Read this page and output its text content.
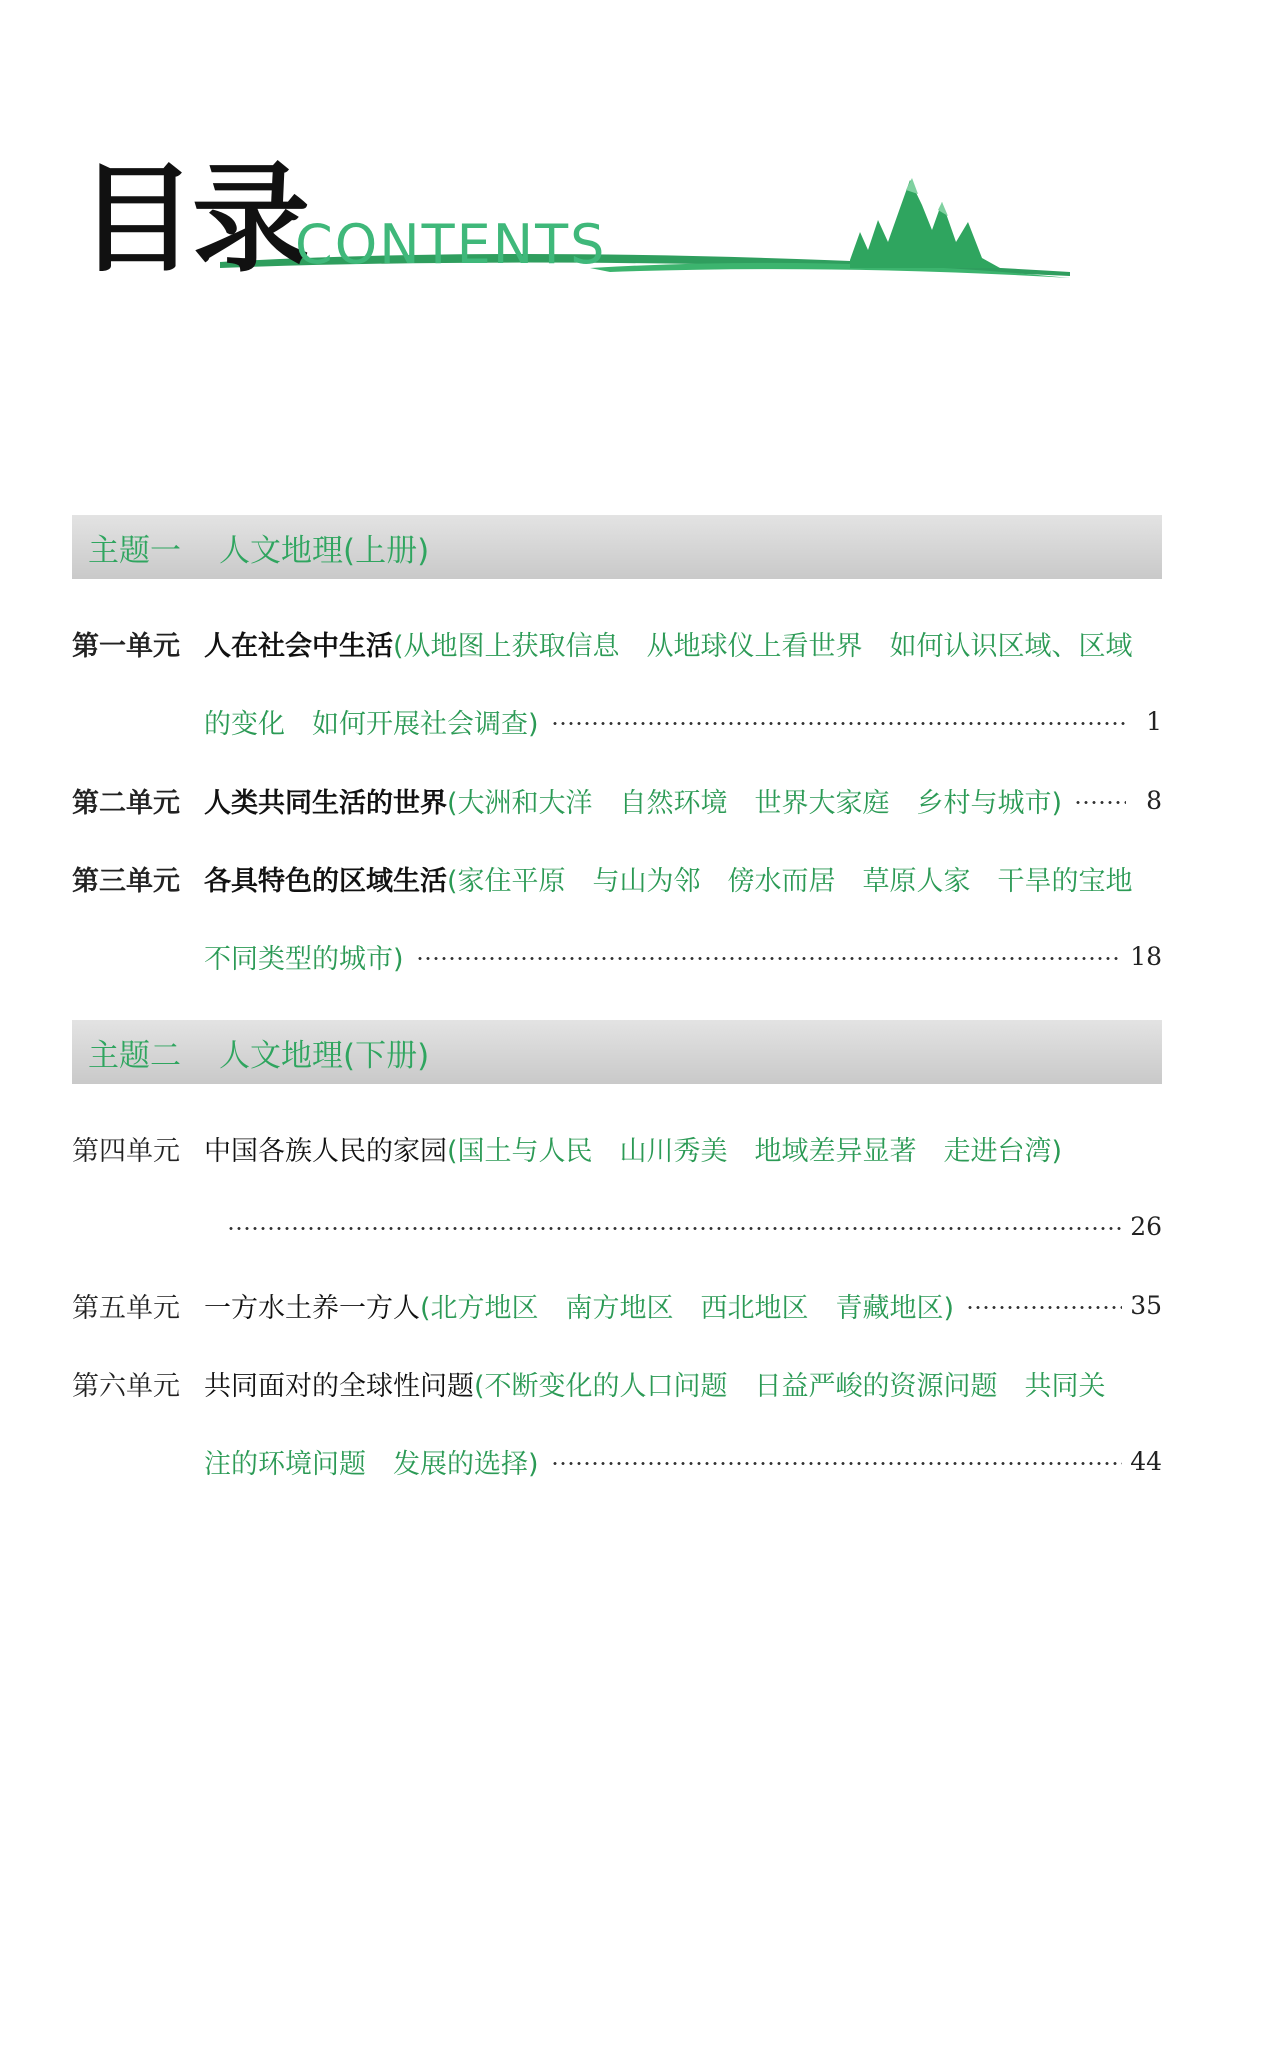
目录
CONTENTS
主题一 人文地理(上册)
第一单元 人在社会中生活 (从地图上获取信息　从地球仪上看世界　如何认识区域、区域
的变化　如何开展社会调查)	1
第二单元 人类共同生活的世界 (大洲和大洋　自然环境　世界大家庭　乡村与城市)	8
第三单元 各具特色的区域生活 (家住平原　与山为邻　傍水而居　草原人家　干旱的宝地
不同类型的城市)	18
主题二 人文地理(下册)
第四单元 中国各族人民的家园 (国土与人民　山川秀美　地域差异显著　走进台湾)
26
第五单元 一方水土养一方人 (北方地区　南方地区　西北地区　青藏地区)	35
第六单元 共同面对的全球性问题 (不断变化的人口问题　日益严峻的资源问题　共同关
注的环境问题　发展的选择)	44
